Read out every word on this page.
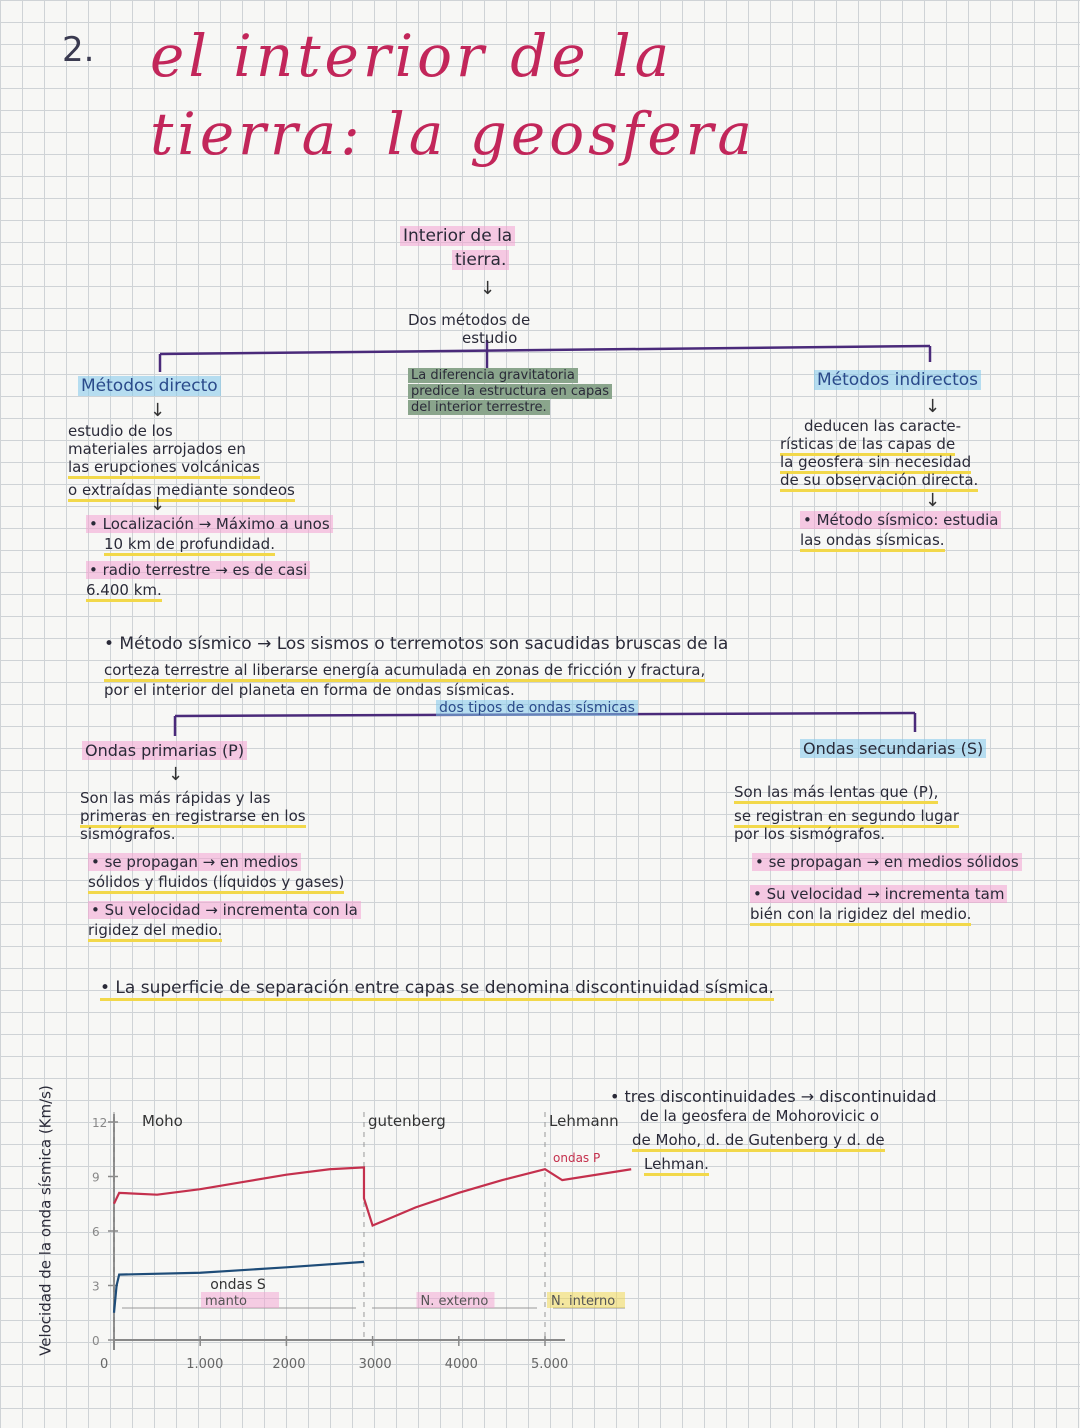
2. el interior de la
tierra: la geosfera
Interior de la
tierra.
↓
Dos métodos de
estudio
Métodos directo
↓
estudio de los
materiales arrojados en
las erupciones volcánicas
o extraídas mediante sondeos
↓
• Localización → Máximo a unos
10 km de profundidad.
• radio terrestre → es de casi
6.400 km.
La diferencia gravitatoria
predice la estructura en capas
del interior terrestre.
Métodos indirectos
↓
deducen las caracte-
rísticas de las capas de
la geosfera sin necesidad
de su observación directa.
↓
• Método sísmico: estudia
las ondas sísmicas.
• Método sísmico → Los sismos o terremotos son sacudidas bruscas de la
corteza terrestre al liberarse energía acumulada en zonas de fricción y fractura,
por el interior del planeta en forma de ondas sísmicas.
dos tipos de ondas sísmicas
Ondas primarias (P)
↓
Son las más rápidas y las
primeras en registrarse en los
sismógrafos.
• se propagan → en medios
sólidos y fluidos (líquidos y gases)
• Su velocidad → incrementa con la
rigidez del medio.
Ondas secundarias (S)
Son las más lentas que (P),
se registran en segundo lugar
por los sismógrafos.
• se propagan → en medios sólidos
• Su velocidad → incrementa tam
bién con la rigidez del medio.
• La superficie de separación entre capas se denomina discontinuidad sísmica.
• tres discontinuidades → discontinuidad
de la geosfera de Mohorovicic o
de Moho, d. de Gutenberg y d. de
Lehman.
Velocidad de la onda sísmica (Km/s)	0
3
6
9
12
0	1.000	2000	3000	4000	5.000
Moho	gutenberg	Lehmann
manto	N. externo	N. interno
ondas P
ondas S
